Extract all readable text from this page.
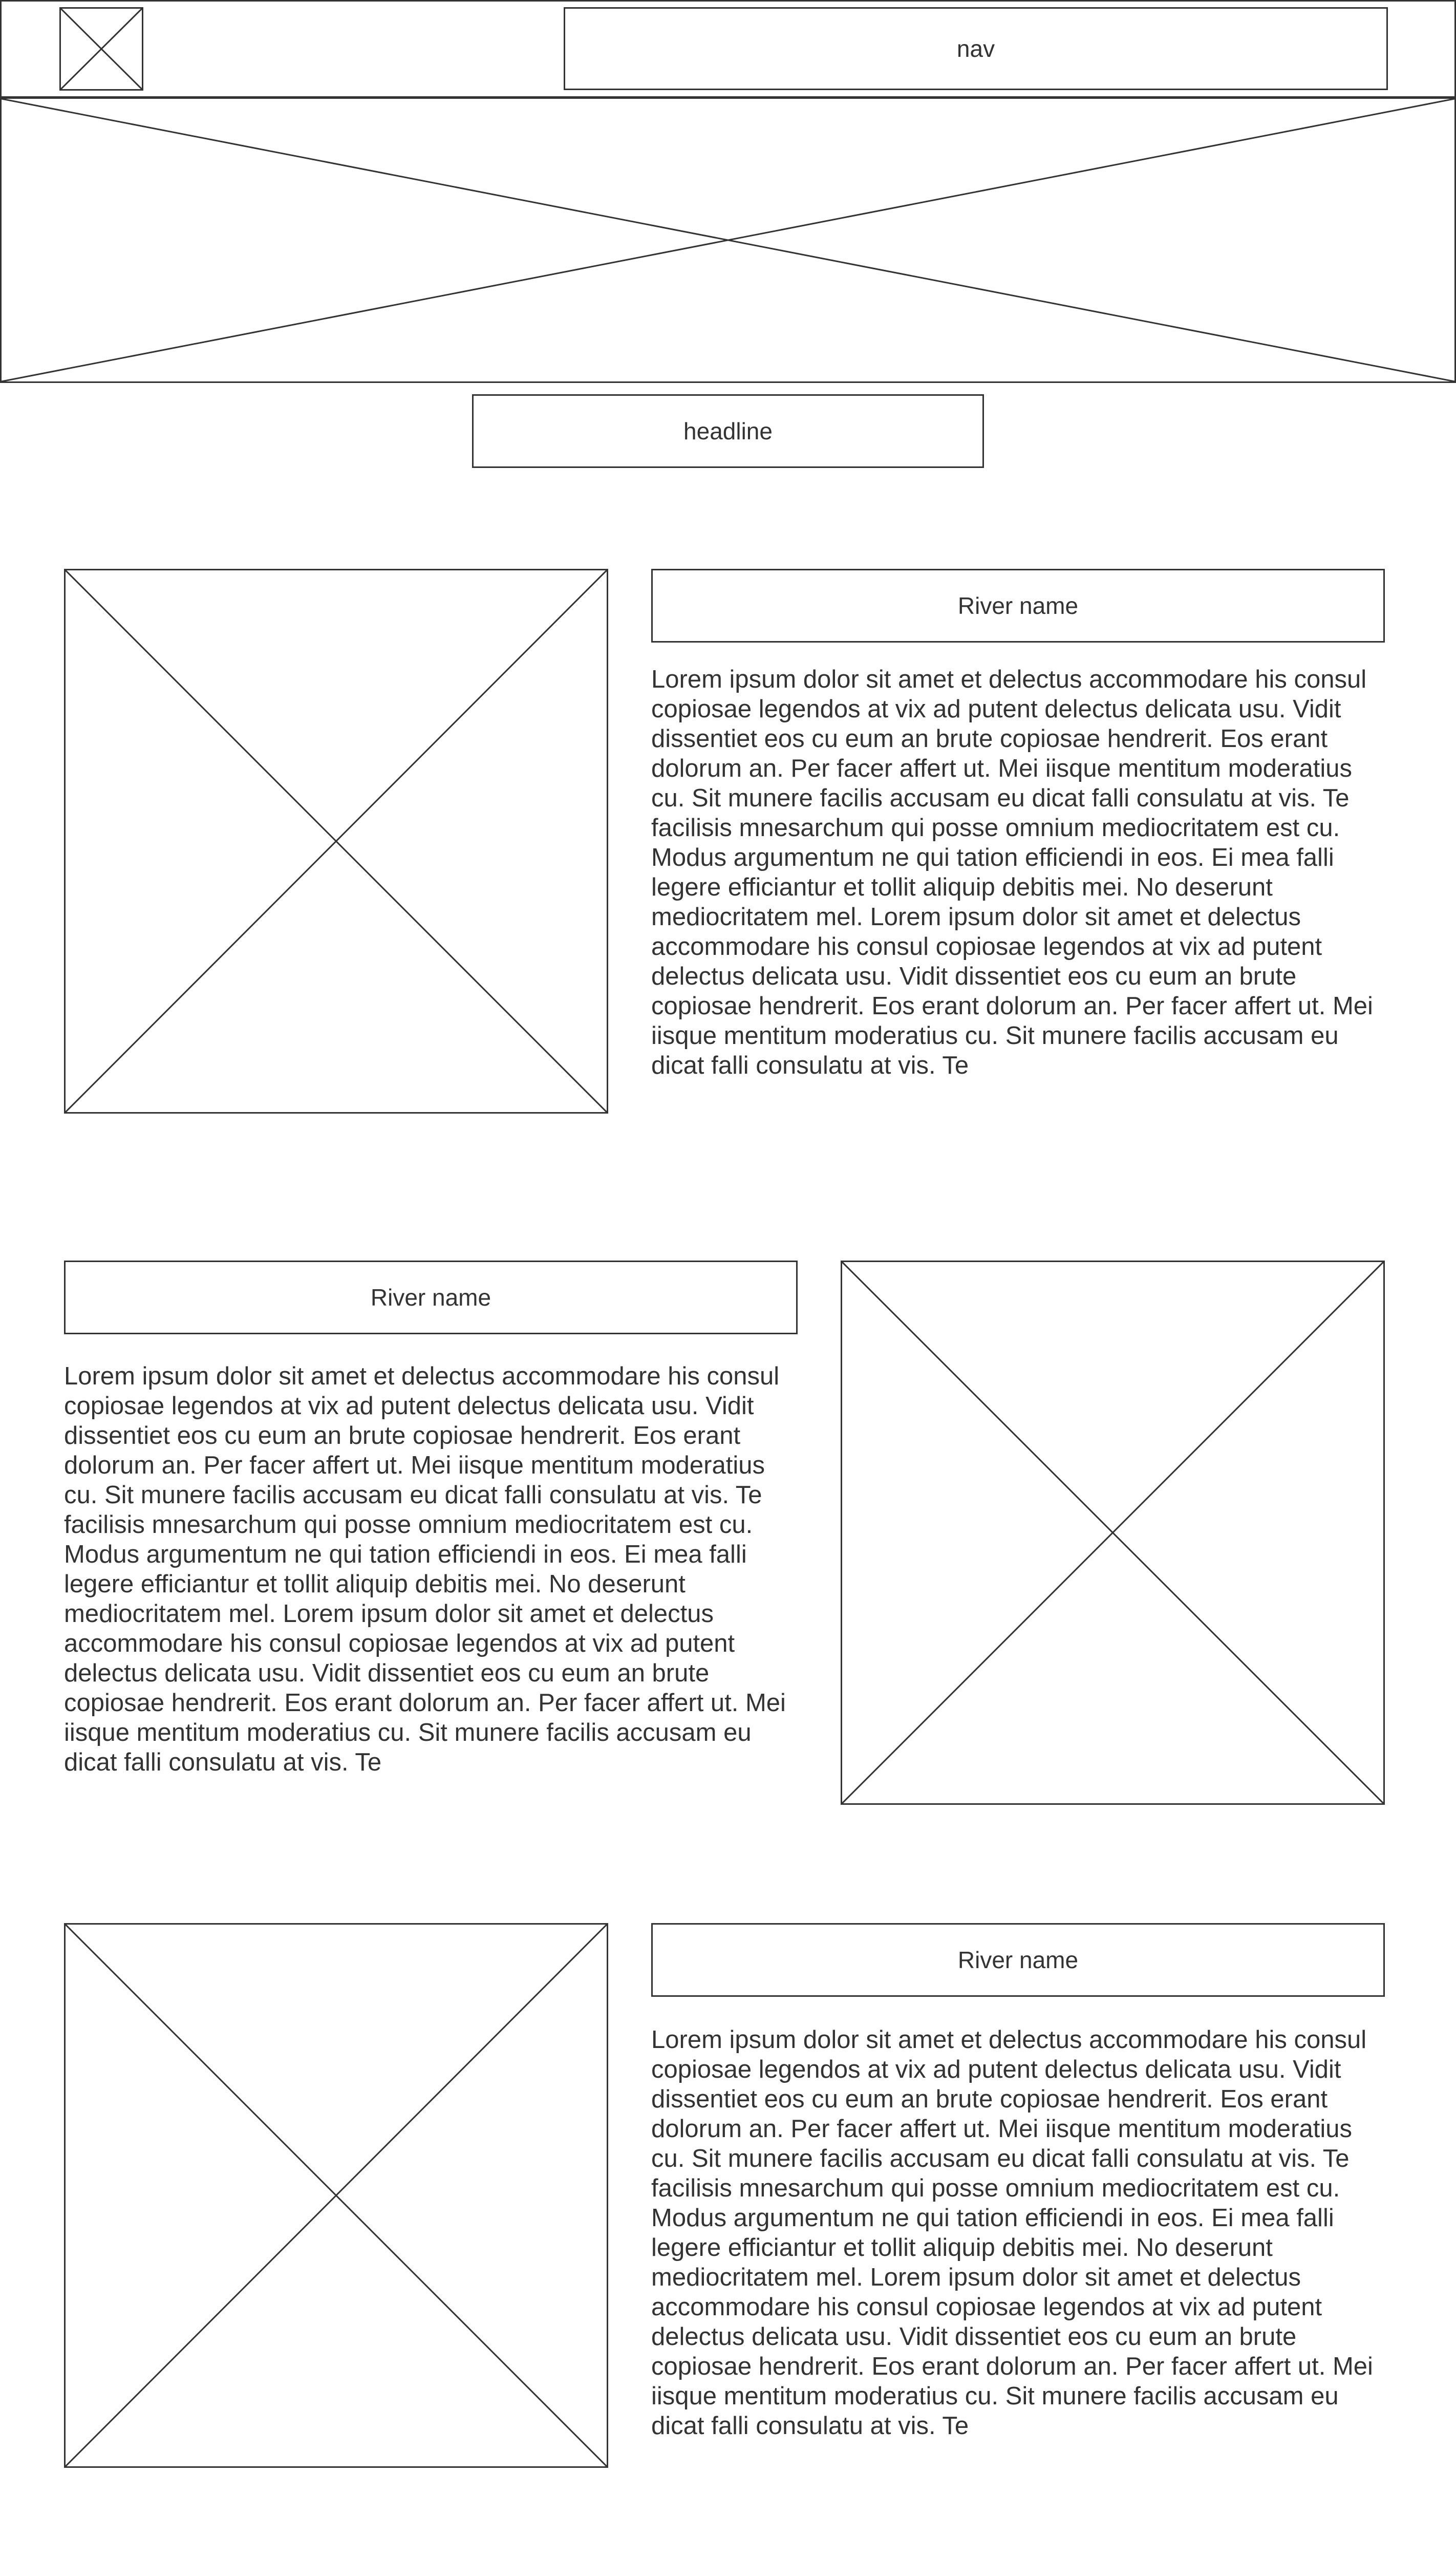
nav
headline
River name

Lorem ipsum dolor sit amet et delectus accommodare his consul copiosae legendos at vix ad putent delectus delicata usu. Vidit dissentiet eos cu eum an brute copiosae hendrerit. Eos erant dolorum an. Per facer affert ut. Mei iisque mentitum moderatius cu. Sit munere facilis accusam eu dicat falli consulatu at vis. Te facilisis mnesarchum qui posse omnium mediocritatem est cu. Modus argumentum ne qui tation efficiendi in eos. Ei mea falli legere efficiantur et tollit aliquip debitis mei. No deserunt mediocritatem mel. Lorem ipsum dolor sit amet et delectus accommodare his consul copiosae legendos at vix ad putent delectus delicata usu. Vidit dissentiet eos cu eum an brute copiosae hendrerit. Eos erant dolorum an. Per facer affert ut. Mei iisque mentitum moderatius cu. Sit munere facilis accusam eu dicat falli consulatu at vis. Te

River name

Lorem ipsum dolor sit amet et delectus accommodare his consul copiosae legendos at vix ad putent delectus delicata usu. Vidit dissentiet eos cu eum an brute copiosae hendrerit. Eos erant dolorum an. Per facer affert ut. Mei iisque mentitum moderatius cu. Sit munere facilis accusam eu dicat falli consulatu at vis. Te facilisis mnesarchum qui posse omnium mediocritatem est cu. Modus argumentum ne qui tation efficiendi in eos. Ei mea falli legere efficiantur et tollit aliquip debitis mei. No deserunt mediocritatem mel. Lorem ipsum dolor sit amet et delectus accommodare his consul copiosae legendos at vix ad putent delectus delicata usu. Vidit dissentiet eos cu eum an brute copiosae hendrerit. Eos erant dolorum an. Per facer affert ut. Mei iisque mentitum moderatius cu. Sit munere facilis accusam eu dicat falli consulatu at vis. Te

River name

Lorem ipsum dolor sit amet et delectus accommodare his consul copiosae legendos at vix ad putent delectus delicata usu. Vidit dissentiet eos cu eum an brute copiosae hendrerit. Eos erant dolorum an. Per facer affert ut. Mei iisque mentitum moderatius cu. Sit munere facilis accusam eu dicat falli consulatu at vis. Te facilisis mnesarchum qui posse omnium mediocritatem est cu. Modus argumentum ne qui tation efficiendi in eos. Ei mea falli legere efficiantur et tollit aliquip debitis mei. No deserunt mediocritatem mel. Lorem ipsum dolor sit amet et delectus accommodare his consul copiosae legendos at vix ad putent delectus delicata usu. Vidit dissentiet eos cu eum an brute copiosae hendrerit. Eos erant dolorum an. Per facer affert ut. Mei iisque mentitum moderatius cu. Sit munere facilis accusam eu dicat falli consulatu at vis. Te
